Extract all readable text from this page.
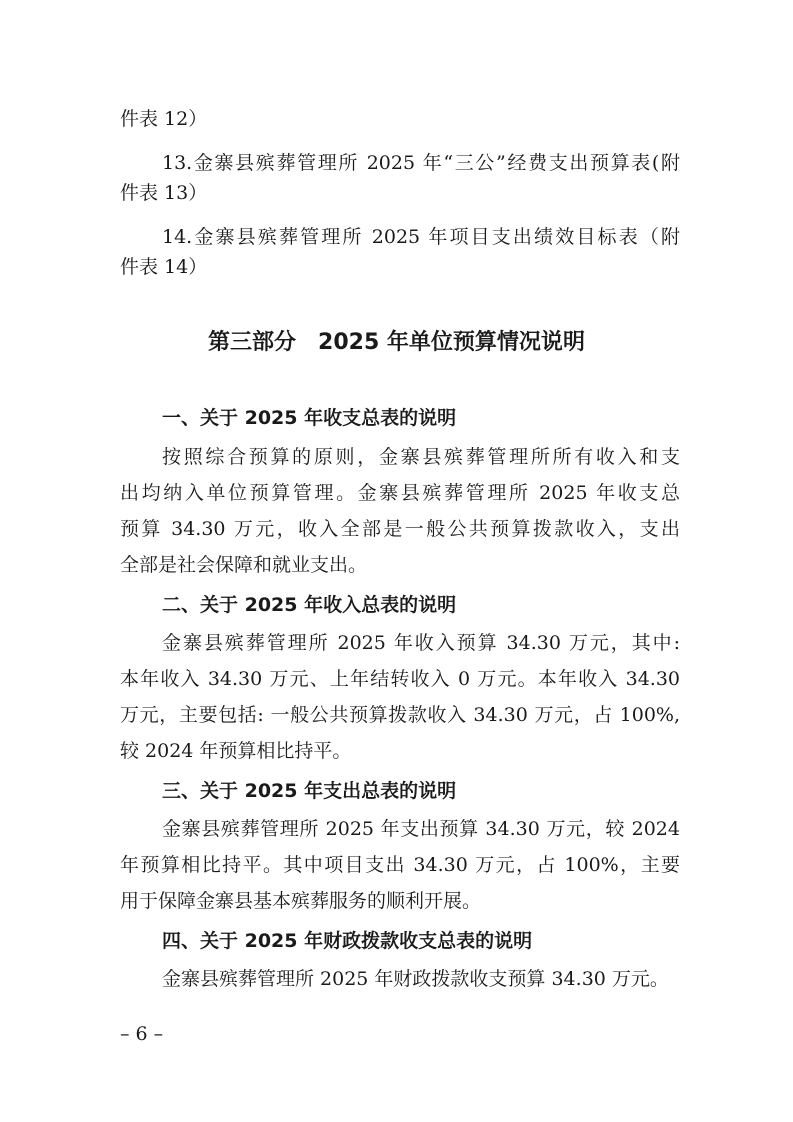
件表 12）
13.金寨县殡葬管理所 2025 年“三公”经费支出预算表(附
件表 13）
14.金寨县殡葬管理所 2025 年项目支出绩效目标表（附
件表 14）
第三部分　2025 年单位预算情况说明
一、关于 2025 年收支总表的说明
按照综合预算的原则，金寨县殡葬管理所所有收入和支
出均纳入单位预算管理。金寨县殡葬管理所 2025 年收支总
预算 34.30 万元，收入全部是一般公共预算拨款收入，支出
全部是社会保障和就业支出。
二、关于 2025 年收入总表的说明
金寨县殡葬管理所 2025 年收入预算 34.30 万元，其中:
本年收入 34.30 万元、上年结转收入 0 万元。本年收入 34.30
万元，主要包括: 一般公共预算拨款收入 34.30 万元，占 100%,
较 2024 年预算相比持平。
三、关于 2025 年支出总表的说明
金寨县殡葬管理所 2025 年支出预算 34.30 万元，较 2024
年预算相比持平。其中项目支出 34.30 万元，占 100%，主要
用于保障金寨县基本殡葬服务的顺利开展。
四、关于 2025 年财政拨款收支总表的说明
金寨县殡葬管理所 2025 年财政拨款收支预算 34.30 万元。
– 6 –
